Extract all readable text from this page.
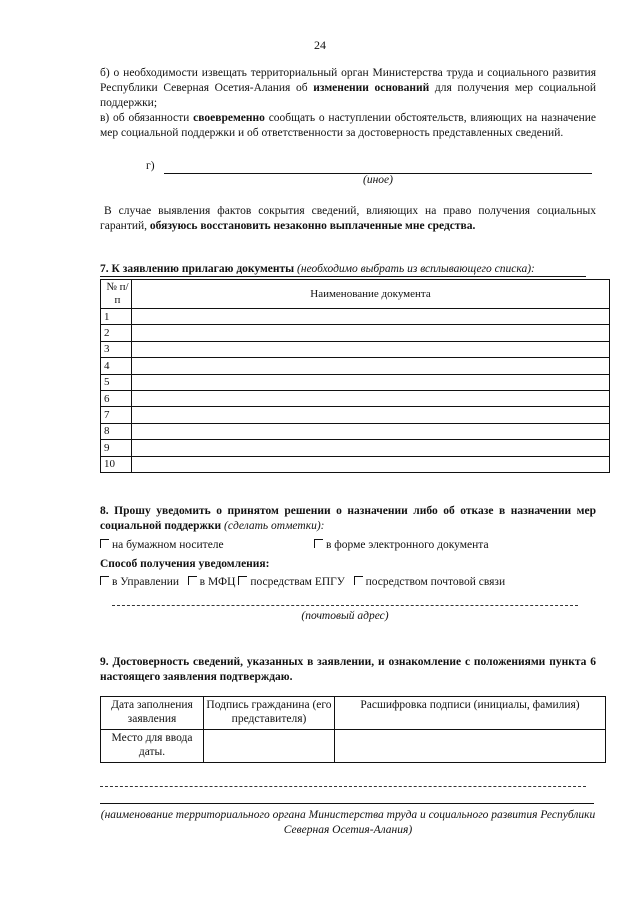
24

б) о необходимости извещать территориальный орган Министерства труда и социального развития Республики Северная Осетия-Алания об изменении оснований для получения мер социальной поддержки;

в) об обязанности своевременно сообщать о наступлении обстоятельств, влияющих на назначение мер социальной поддержки и об ответственности за достоверность представленных сведений.

г)
(иное)
В случае выявления фактов сокрытия сведений, влияющих на право получения социальных гарантий, обязуюсь восстановить незаконно выплаченные мне средства.
7. К заявлению прилагаю документы (необходимо выбрать из всплывающего списка):
№ п/п	Наименование документа
1	
2	
3	
4	
5	
6	
7	
8	
9	
10	
8. Прошу уведомить о принятом решении о назначении либо об отказе в назначении мер социальной поддержки (сделать отметки):
на бумажном носителе	в форме электронного документа
Способ получения уведомления:
в Управлении в МФЦ посредствам ЕПГУ посредством почтовой связи
(почтовый адрес)
9. Достоверность сведений, указанных в заявлении, и ознакомление с положениями пункта 6 настоящего заявления подтверждаю.
Дата заполнения заявления	Подпись гражданина (его представителя)	Расшифровка подписи (инициалы, фамилия)
Место для ввода даты.		
(наименование территориального органа Министерства труда и социального развития Республики Северная Осетия-Алания)
